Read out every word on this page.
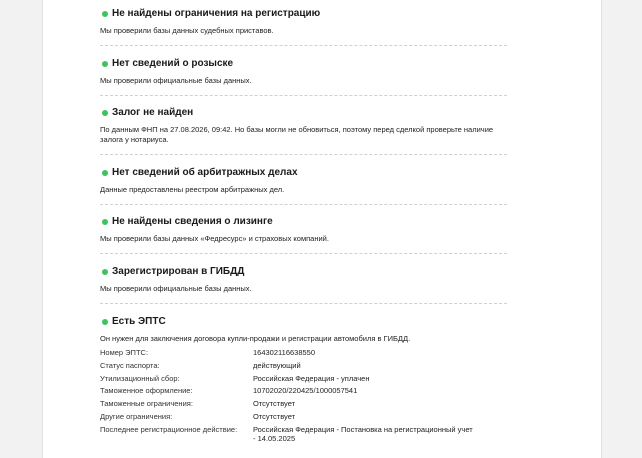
Не найдены ограничения на регистрацию
Мы проверили базы данных судебных приставов.
Нет сведений о розыске
Мы проверили официальные базы данных.
Залог не найден
По данным ФНП на 27.08.2026, 09:42. Но базы могли не обновиться, поэтому перед сделкой проверьте наличие залога у нотариуса.
Нет сведений об арбитражных делах
Данные предоставлены реестром арбитражных дел.
Не найдены сведения о лизинге
Мы проверили базы данных «Федресурс» и страховых компаний.
Зарегистрирован в ГИБДД
Мы проверили официальные базы данных.
Есть ЭПТС
Он нужен для заключения договора купли-продажи и регистрации автомобиля в ГИБДД.
Номер ЭПТС:	164302116638550
Статус паспорта:	действующий
Утилизационный сбор:	Российская Федерация - уплачен
Таможенное оформление:	10702020/220425/1000057541
Таможенные ограничения:	Отсутствует
Другие ограничения:	Отсутствует
Последнее регистрационное действие: Российская Федерация - Постановка на регистрационный учет - 14.05.2025
